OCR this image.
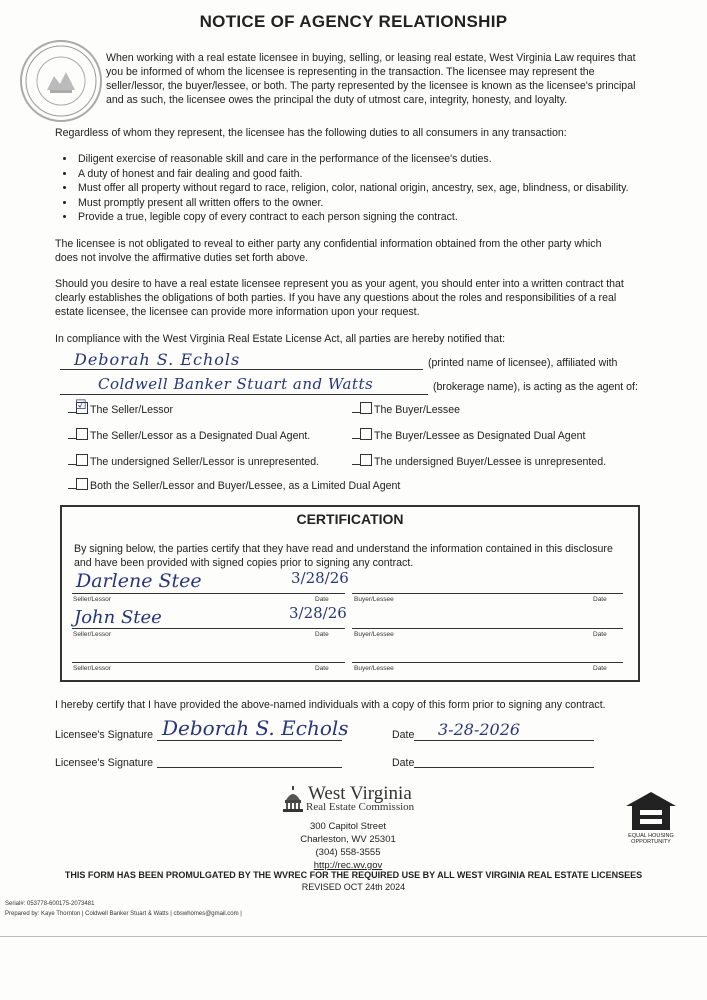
NOTICE OF AGENCY RELATIONSHIP
When working with a real estate licensee in buying, selling, or leasing real estate, West Virginia Law requires that you be informed of whom the licensee is representing in the transaction. The licensee may represent the seller/lessor, the buyer/lessee, or both. The party represented by the licensee is known as the licensee's principal and as such, the licensee owes the principal the duty of utmost care, integrity, honesty, and loyalty.
Regardless of whom they represent, the licensee has the following duties to all consumers in any transaction:
• Diligent exercise of reasonable skill and care in the performance of the licensee's duties.
• A duty of honest and fair dealing and good faith.
• Must offer all property without regard to race, religion, color, national origin, ancestry, sex, age, blindness, or disability.
• Must promptly present all written offers to the owner.
• Provide a true, legible copy of every contract to each person signing the contract.
The licensee is not obligated to reveal to either party any confidential information obtained from the other party which does not involve the affirmative duties set forth above.
Should you desire to have a real estate licensee represent you as your agent, you should enter into a written contract that clearly establishes the obligations of both parties. If you have any questions about the roles and responsibilities of a real estate licensee, the licensee can provide more information upon your request.
In compliance with the West Virginia Real Estate License Act, all parties are hereby notified that:
Deborah S. Echols	(printed name of licensee), affiliated with
Coldwell Banker Stuart and Watts	(brokerage name), is acting as the agent of:
☑ The Seller/Lessor	The Buyer/Lessee
The Seller/Lessor as a Designated Dual Agent.	The Buyer/Lessee as Designated Dual Agent
The undersigned Seller/Lessor is unrepresented.	The undersigned Buyer/Lessee is unrepresented.
Both the Seller/Lessor and Buyer/Lessee, as a Limited Dual Agent
CERTIFICATION
By signing below, the parties certify that they have read and understand the information contained in this disclosure and have been provided with signed copies prior to signing any contract.
Darlene Stee	3/28/26
Seller/Lessor	Date	Buyer/Lessee	Date
John Stee	3/28/26
Seller/Lessor	Date	Buyer/Lessee	Date
Seller/Lessor	Date	Buyer/Lessee	Date
I hereby certify that I have provided the above-named individuals with a copy of this form prior to signing any contract.
Licensee's Signature Deborah S. Echols	Date 3-28-2026
Licensee's Signature	Date
West Virginia
Real Estate Commission
300 Capitol Street
Charleston, WV 25301
(304) 558-3555
http://rec.wv.gov
EQUAL HOUSING OPPORTUNITY
THIS FORM HAS BEEN PROMULGATED BY THE WVREC FOR THE REQUIRED USE BY ALL WEST VIRGINIA REAL ESTATE LICENSEES
REVISED OCT 24th 2024
Serial#: 053778-600175-2073481
Prepared by: Kaye Thornton | Coldwell Banker Stuart & Watts | cbswhomes@gmail.com |
